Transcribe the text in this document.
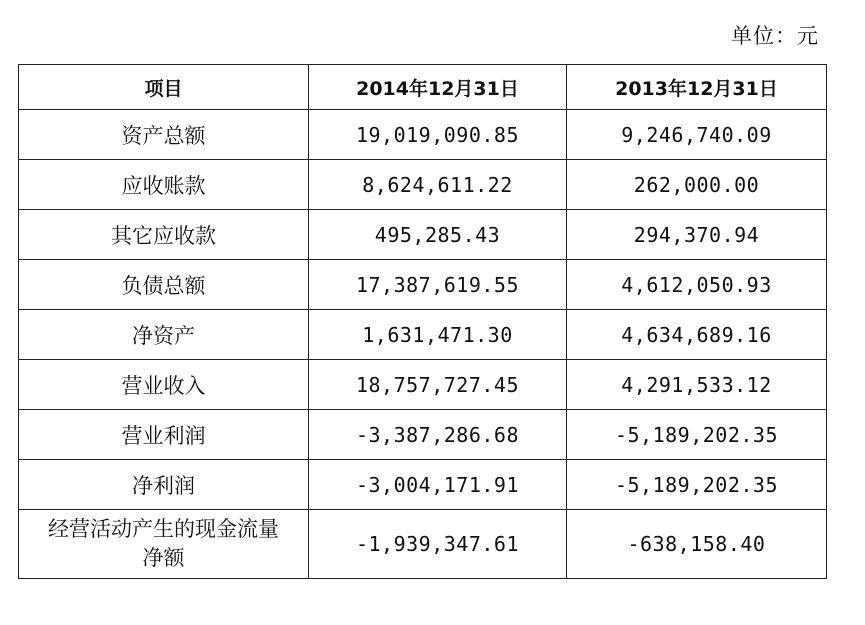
单位：元
项目	2014年12月31日	2013年12月31日
资产总额	19,019,090.85	9,246,740.09
应收账款	8,624,611.22	262,000.00
其它应收款	495,285.43	294,370.94
负债总额	17,387,619.55	4,612,050.93
净资产	1,631,471.30	4,634,689.16
营业收入	18,757,727.45	4,291,533.12
营业利润	-3,387,286.68	-5,189,202.35
净利润	-3,004,171.91	-5,189,202.35
经营活动产生的现金流量
净额	-1,939,347.61	-638,158.40
